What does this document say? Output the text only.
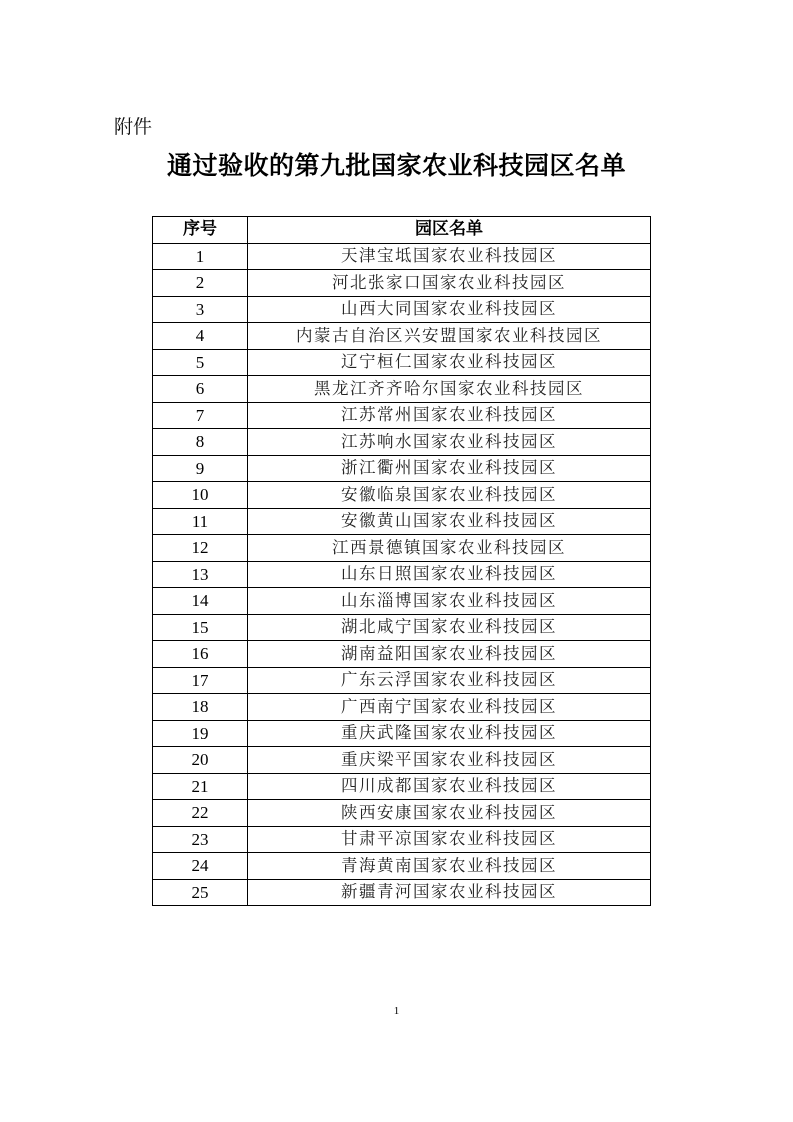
附件
通过验收的第九批国家农业科技园区名单
序号	园区名单
1	天津宝坻国家农业科技园区
2	河北张家口国家农业科技园区
3	山西大同国家农业科技园区
4	内蒙古自治区兴安盟国家农业科技园区
5	辽宁桓仁国家农业科技园区
6	黑龙江齐齐哈尔国家农业科技园区
7	江苏常州国家农业科技园区
8	江苏响水国家农业科技园区
9	浙江衢州国家农业科技园区
10	安徽临泉国家农业科技园区
11	安徽黄山国家农业科技园区
12	江西景德镇国家农业科技园区
13	山东日照国家农业科技园区
14	山东淄博国家农业科技园区
15	湖北咸宁国家农业科技园区
16	湖南益阳国家农业科技园区
17	广东云浮国家农业科技园区
18	广西南宁国家农业科技园区
19	重庆武隆国家农业科技园区
20	重庆梁平国家农业科技园区
21	四川成都国家农业科技园区
22	陕西安康国家农业科技园区
23	甘肃平凉国家农业科技园区
24	青海黄南国家农业科技园区
25	新疆青河国家农业科技园区
1
